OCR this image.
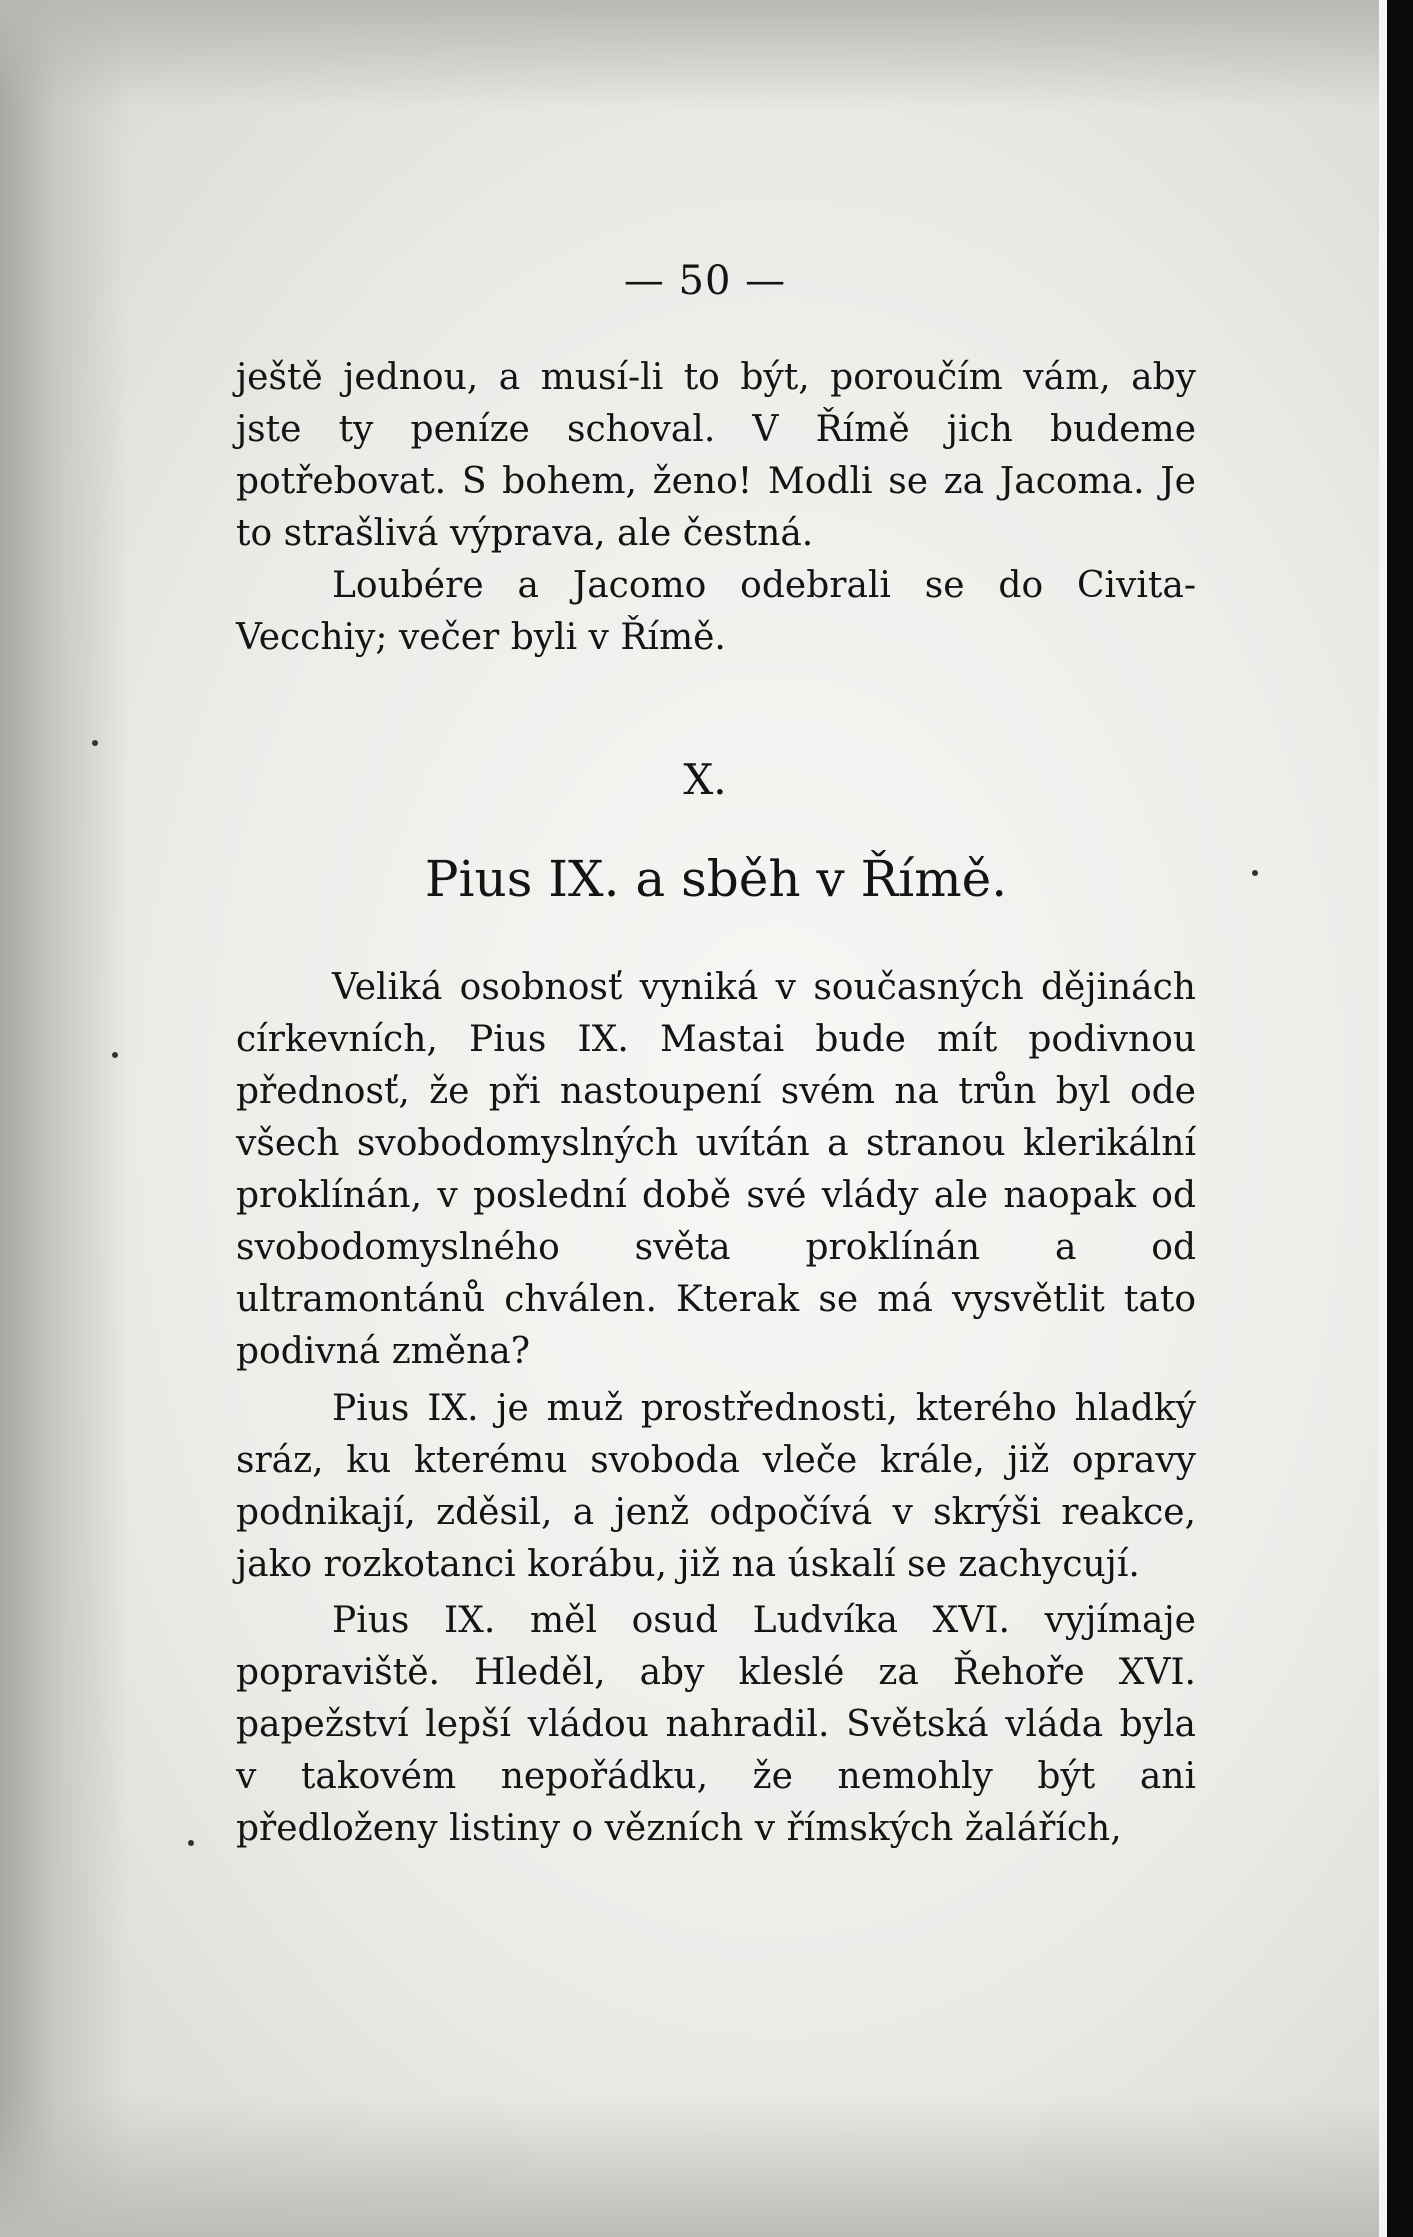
— 50 —

ještě jednou, a musí-li to být, poroučím vám, aby jste ty peníze schoval. V Římě jich budeme potřebovat. S bohem, ženo! Modli se za Jacoma. Je to strašlivá výprava, ale čestná.

Loubére a Jacomo odebrali se do Civita-Vecchiy; večer byli v Římě.

X.
Pius IX. a sběh v Římě.

Veliká osobnosť vyniká v současných dějinách církevních, Pius IX. Mastai bude mít podivnou přednosť, že při nastoupení svém na trůn byl ode všech svobodomyslných uvítán a stranou klerikální proklínán, v poslední době své vlády ale naopak od svobodomyslného světa proklínán a od ultramontánů chválen. Kterak se má vysvětlit tato podivná změna?

Pius IX. je muž prostřednosti, kterého hladký sráz, ku kterému svoboda vleče krále, již opravy podnikají, zděsil, a jenž odpočívá v skrýši reakce, jako rozkotanci korábu, již na úskalí se zachycují.

Pius IX. měl osud Ludvíka XVI. vyjímaje popraviště. Hleděl, aby kleslé za Řehoře XVI. papežství lepší vládou nahradil. Světská vláda byla v takovém nepořádku, že nemohly být ani předloženy listiny o vězních v římských žalářích,
